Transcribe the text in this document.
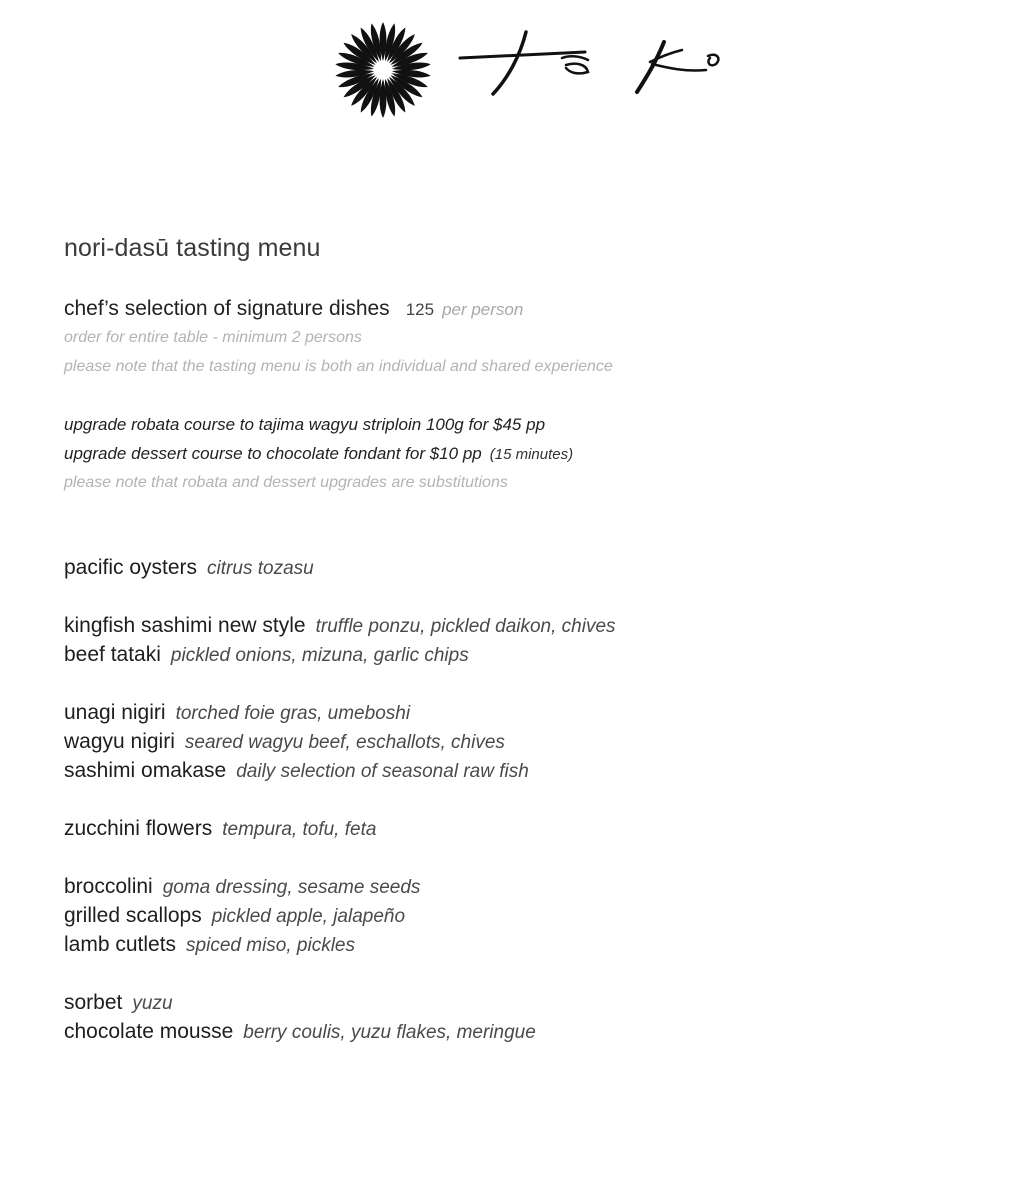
nori-dasū tasting menu
chef’s selection of signature dishes 125 per person
order for entire table - minimum 2 persons
please note that the tasting menu is both an individual and shared experience
upgrade robata course to tajima wagyu striploin 100g for $45 pp
upgrade dessert course to chocolate fondant for $10 pp (15 minutes)
please note that robata and dessert upgrades are substitutions
pacific oysters citrus tozasu
kingfish sashimi new style truffle ponzu, pickled daikon, chives
beef tataki pickled onions, mizuna, garlic chips
unagi nigiri torched foie gras, umeboshi
wagyu nigiri seared wagyu beef, eschallots, chives
sashimi omakase daily selection of seasonal raw fish
zucchini flowers tempura, tofu, feta
broccolini goma dressing, sesame seeds
grilled scallops pickled apple, jalapeño
lamb cutlets spiced miso, pickles
sorbet yuzu
chocolate mousse berry coulis, yuzu flakes, meringue
